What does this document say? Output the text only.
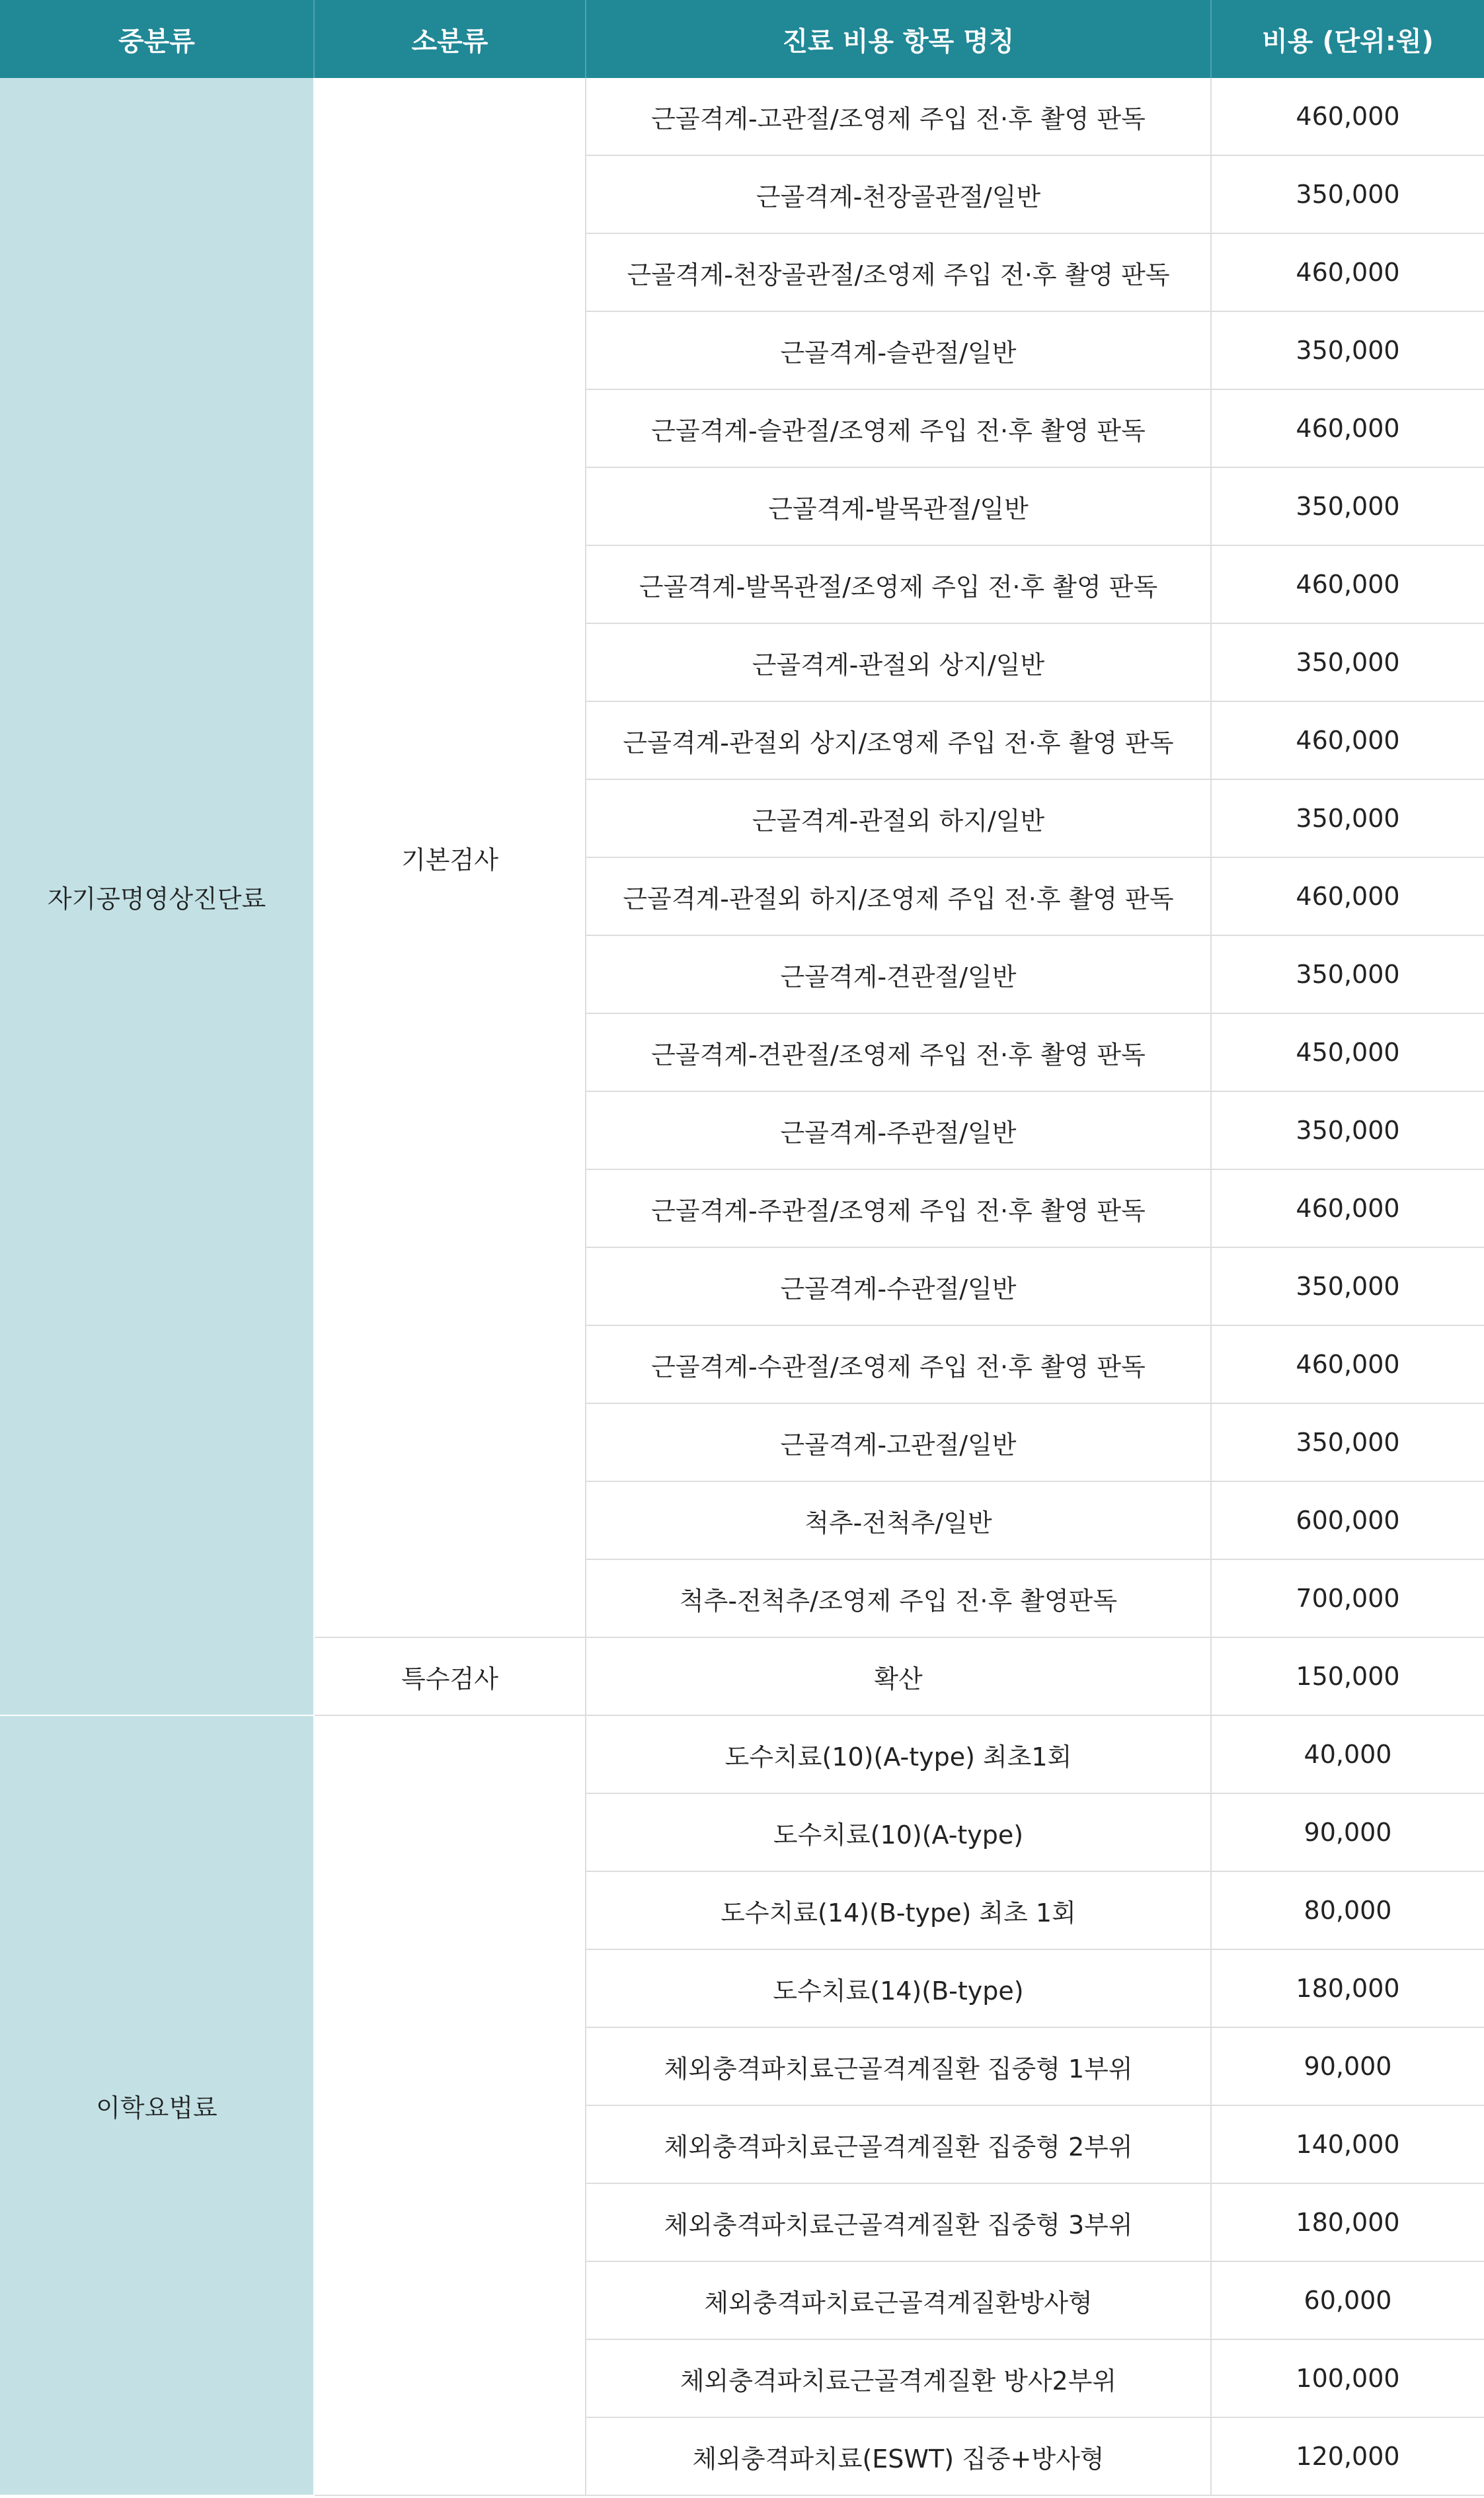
중분류	소분류	진료 비용 항목 명칭	비용 (단위:원)
자기공명영상진단료	기본검사	근골격계-고관절/조영제 주입 전·후 촬영 판독	460,000
		근골격계-천장골관절/일반	350,000
		근골격계-천장골관절/조영제 주입 전·후 촬영 판독	460,000
		근골격계-슬관절/일반	350,000
		근골격계-슬관절/조영제 주입 전·후 촬영 판독	460,000
		근골격계-발목관절/일반	350,000
		근골격계-발목관절/조영제 주입 전·후 촬영 판독	460,000
		근골격계-관절외 상지/일반	350,000
		근골격계-관절외 상지/조영제 주입 전·후 촬영 판독	460,000
		근골격계-관절외 하지/일반	350,000
		근골격계-관절외 하지/조영제 주입 전·후 촬영 판독	460,000
		근골격계-견관절/일반	350,000
		근골격계-견관절/조영제 주입 전·후 촬영 판독	450,000
		근골격계-주관절/일반	350,000
		근골격계-주관절/조영제 주입 전·후 촬영 판독	460,000
		근골격계-수관절/일반	350,000
		근골격계-수관절/조영제 주입 전·후 촬영 판독	460,000
		근골격계-고관절/일반	350,000
		척추-전척추/일반	600,000
		척추-전척추/조영제 주입 전·후 촬영판독	700,000
	특수검사	확산	150,000
이학요법료		도수치료(10)(A-type) 최초1회	40,000
		도수치료(10)(A-type)	90,000
		도수치료(14)(B-type) 최초 1회	80,000
		도수치료(14)(B-type)	180,000
		체외충격파치료근골격계질환 집중형 1부위	90,000
		체외충격파치료근골격계질환 집중형 2부위	140,000
		체외충격파치료근골격계질환 집중형 3부위	180,000
		체외충격파치료근골격계질환방사형	60,000
		체외충격파치료근골격계질환 방사2부위	100,000
		체외충격파치료(ESWT) 집중+방사형	120,000
